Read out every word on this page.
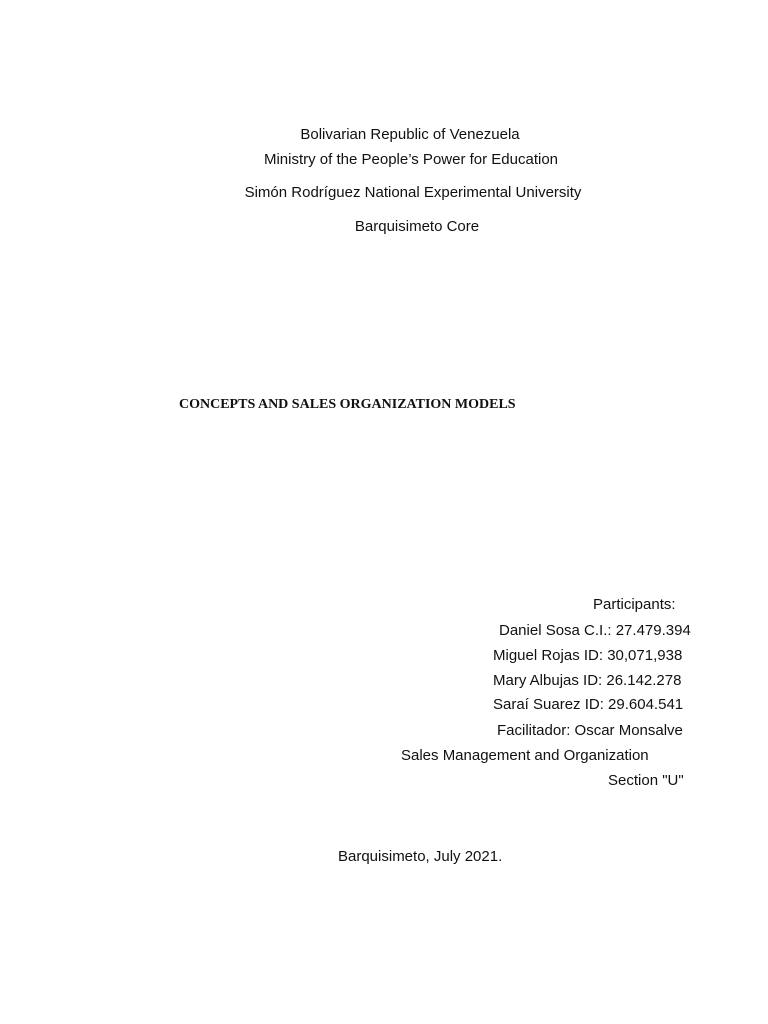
Bolivarian Republic of Venezuela
Ministry of the People’s Power for Education
Simón Rodríguez National Experimental University
Barquisimeto Core
CONCEPTS AND SALES ORGANIZATION MODELS
Participants:
Daniel Sosa C.I.: 27.479.394
Miguel Rojas ID: 30,071,938
Mary Albujas ID: 26.142.278
Saraí Suarez ID: 29.604.541
Facilitador: Oscar Monsalve
Sales Management and Organization
Section "U"
Barquisimeto, July 2021.
